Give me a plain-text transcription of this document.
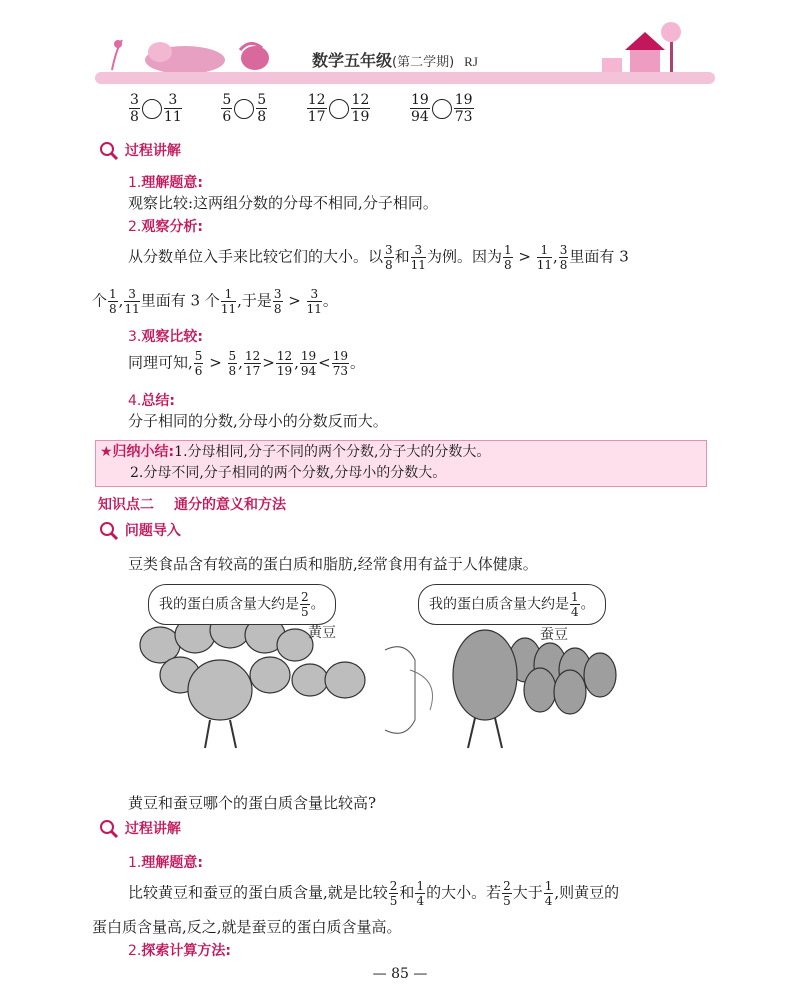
数学五年级(第二学期) RJ
$\frac{3}{8} \frac{3}{11}$
	$\frac{5}{6} \frac{5}{8}$
	$\frac{12}{17} \frac{12}{19}$
	$\frac{19}{94} \frac{19}{73}$
过程讲解
1.理解题意:
观察比较:这两组分数的分母不相同,分子相同。
2.观察分析:
从分数单位入手来比较它们的大小。以 $\frac{3}{8}$ 和 $\frac{3}{11}$ 为例。因为 $\frac{1}{8} > \frac{1}{11}$ , $\frac{3}{8}$ 里面有 3
个 $\frac{1}{8}$ , $\frac{3}{11}$ 里面有 3 个 $\frac{1}{11}$ ,于是 $\frac{3}{8} > \frac{3}{11}$ 。
3.观察比较:
同理可知, $\frac{5}{6} > \frac{5}{8}$ , $\frac{12}{17} > \frac{12}{19}$ , $\frac{19}{94} < \frac{19}{73}$ 。
4.总结:
分子相同的分数,分母小的分数反而大。
★归纳小结:1.分母相同,分子不同的两个分数,分子大的分数大。
2.分母不同,分子相同的两个分数,分母小的分数大。
知识点二 通分的意义和方法
问题导入
豆类食品含有较高的蛋白质和脂肪,经常食用有益于人体健康。
我的蛋白质含量大约是 $\frac{2}{5}$ 。	我的蛋白质含量大约是 $\frac{1}{4}$ 。
黄豆	蚕豆
黄豆和蚕豆哪个的蛋白质含量比较高?
过程讲解
1.理解题意:
比较黄豆和蚕豆的蛋白质含量,就是比较 $\frac{2}{5}$ 和 $\frac{1}{4}$ 的大小。若 $\frac{2}{5}$ 大于 $\frac{1}{4}$ ,则黄豆的
蛋白质含量高,反之,就是蚕豆的蛋白质含量高。
2.探索计算方法:
— 85 —
